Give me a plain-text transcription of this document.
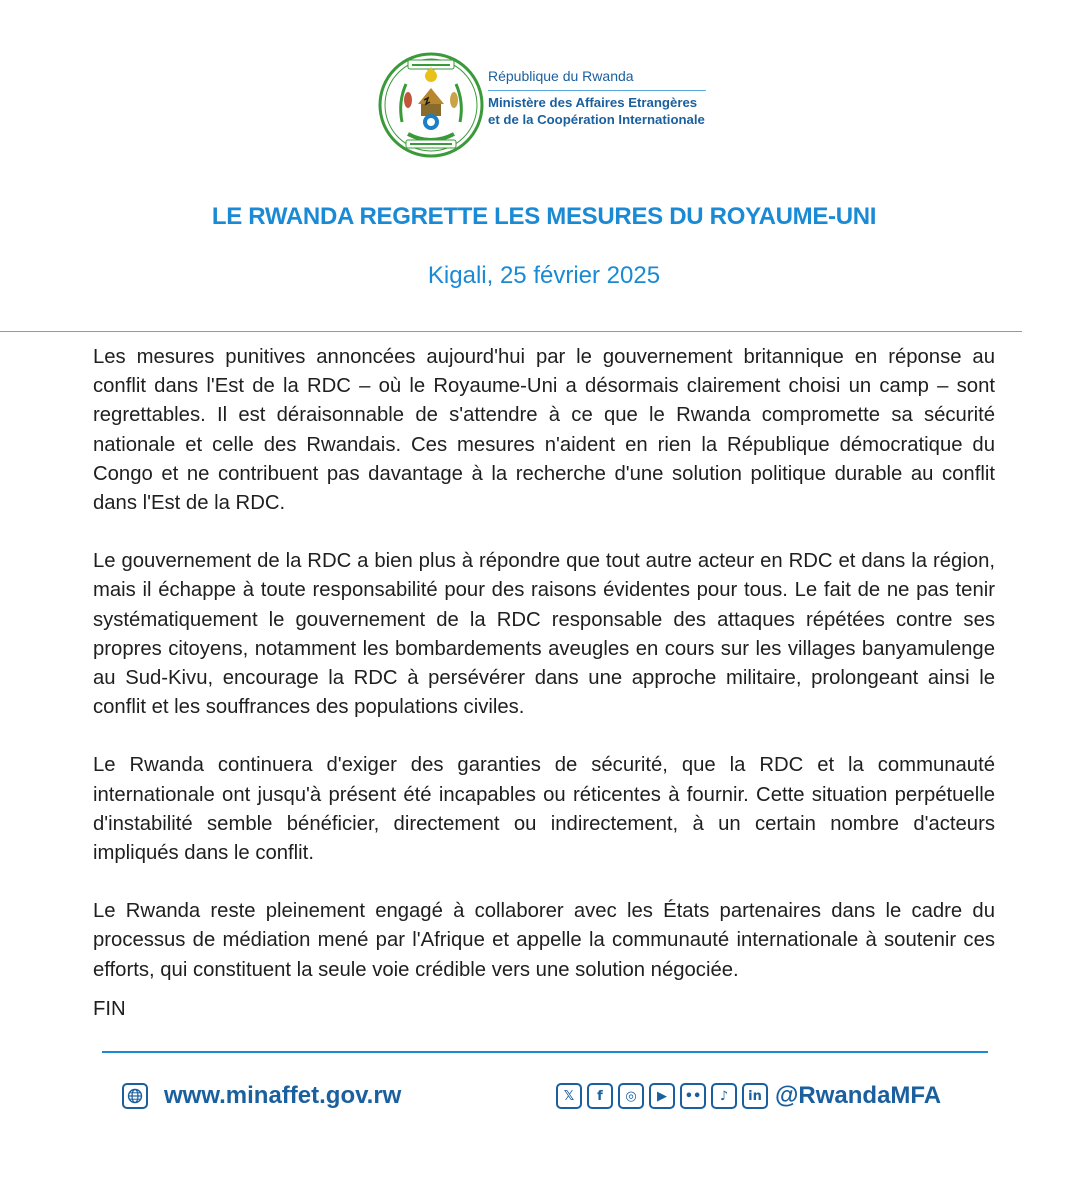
République du Rwanda
Ministère des Affaires Etrangères
et de la Coopération Internationale
LE RWANDA REGRETTE LES MESURES DU ROYAUME-UNI
Kigali, 25 février 2025

Les mesures punitives annoncées aujourd'hui par le gouvernement britannique en réponse au conflit dans l'Est de la RDC – où le Royaume-Uni a désormais clairement choisi un camp – sont regrettables. Il est déraisonnable de s'attendre à ce que le Rwanda compromette sa sécurité nationale et celle des Rwandais. Ces mesures n'aident en rien la République démocratique du Congo et ne contribuent pas davantage à la recherche d'une solution politique durable au conflit dans l'Est de la RDC.

Le gouvernement de la RDC a bien plus à répondre que tout autre acteur en RDC et dans la région, mais il échappe à toute responsabilité pour des raisons évidentes pour tous. Le fait de ne pas tenir systématiquement le gouvernement de la RDC responsable des attaques répétées contre ses propres citoyens, notamment les bombardements aveugles en cours sur les villages banyamulenge au Sud-Kivu, encourage la RDC à persévérer dans une approche militaire, prolongeant ainsi le conflit et les souffrances des populations civiles.

Le Rwanda continuera d'exiger des garanties de sécurité, que la RDC et la communauté internationale ont jusqu'à présent été incapables ou réticentes à fournir. Cette situation perpétuelle d'instabilité semble bénéficier, directement ou indirectement, à un certain nombre d'acteurs impliqués dans le conflit.

Le Rwanda reste pleinement engagé à collaborer avec les États partenaires dans le cadre du processus de médiation mené par l'Afrique et appelle la communauté internationale à soutenir ces efforts, qui constituent la seule voie crédible vers une solution négociée.

FIN
www.minaffet.gov.rw	𝕏	f	◎	▶	••	♪	in @RwandaMFA
